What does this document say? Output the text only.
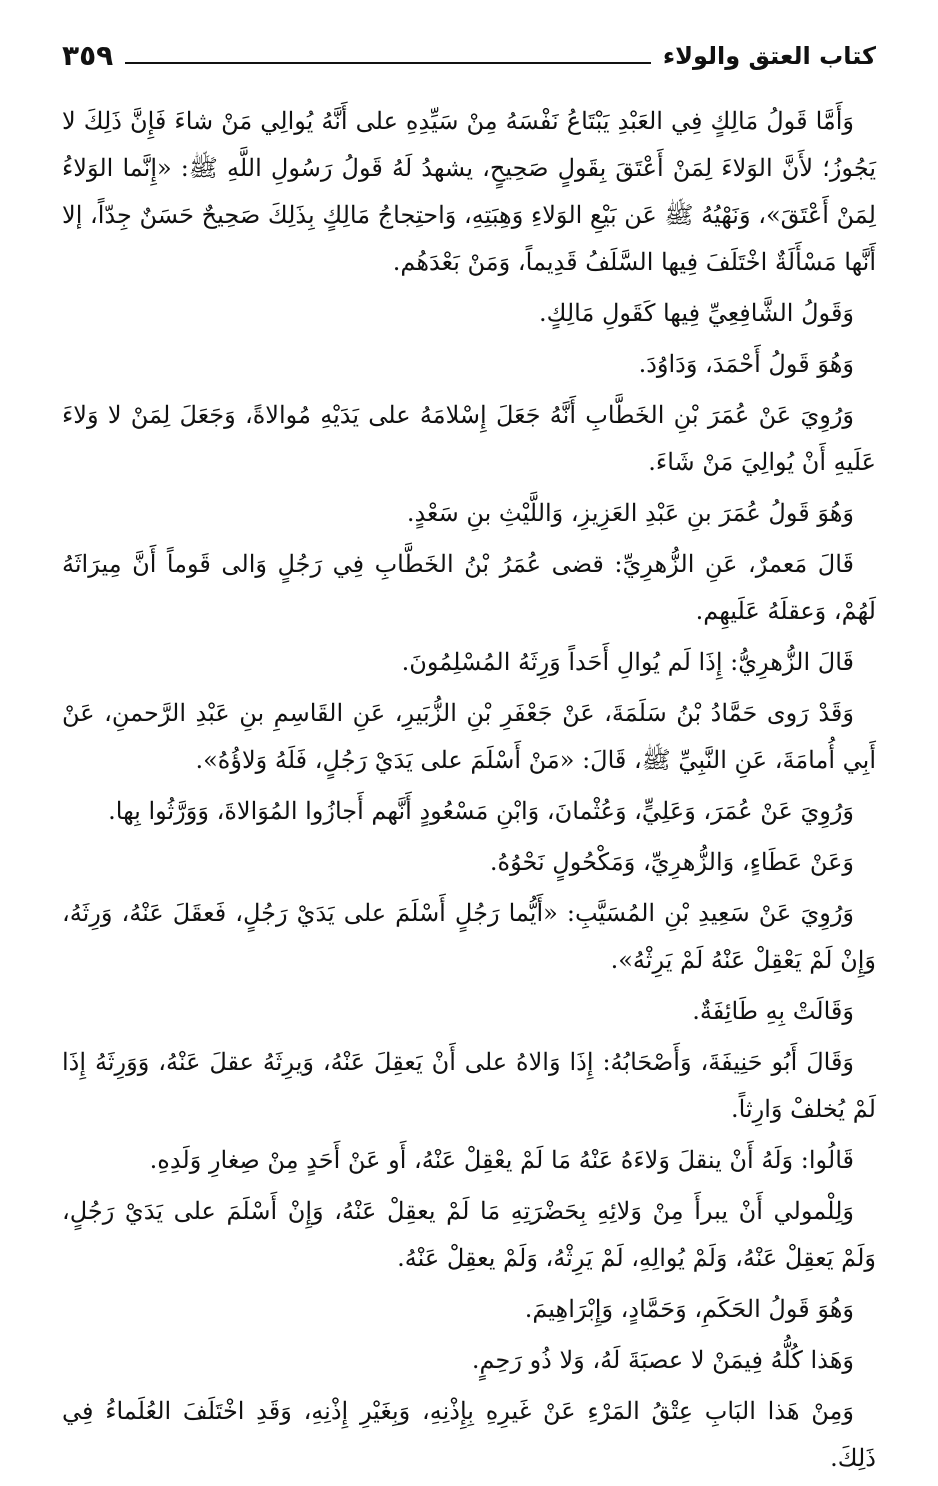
كتاب العتق والولاء
٣٥٩

وَأَمَّا قَولُ مَالِكٍ فِي العَبْدِ يَبْتَاعُ نَفْسَهُ مِنْ سَيِّدِهِ على أَنَّهُ يُوالِي مَنْ شاءَ فَإِنَّ ذَلِكَ لا يَجُوزُ؛ لأَنَّ الوَلاءَ لِمَنْ أَعْتَقَ بِقَولٍ صَحِيحٍ، يشهدُ لَهُ قَولُ رَسُولِ اللَّهِ ﷺ: «إِنَّما الوَلاءُ لِمَنْ أَعْتَقَ»، وَنَهْيُهُ ﷺ عَن بَيْعِ الوَلاءِ وَهِبَتِهِ، وَاحتِجاجُ مَالِكٍ بِذَلِكَ صَحِيحٌ حَسَنٌ جِدّاً، إلا أَنَّها مَسْأَلَةٌ اخْتَلَفَ فِيها السَّلَفُ قَدِيماً، وَمَنْ بَعْدَهُم.

وَقَولُ الشَّافِعِيِّ فِيها كَقَولِ مَالِكٍ.

وَهُوَ قَولُ أَحْمَدَ، وَدَاوُدَ.

وَرُوِيَ عَنْ عُمَرَ بْنِ الخَطَّابِ أَنَّهُ جَعَلَ إِسْلامَهُ على يَدَيْهِ مُوالاةً، وَجَعَلَ لِمَنْ لا وَلاءَ عَلَيهِ أَنْ يُوالِيَ مَنْ شَاءَ.

وَهُوَ قَولُ عُمَرَ بنِ عَبْدِ العَزِيزِ، وَاللَّيْثِ بنِ سَعْدٍ.

قَالَ مَعمرٌ، عَنِ الزُّهرِيِّ: قضى عُمَرُ بْنُ الخَطَّابِ فِي رَجُلٍ وَالى قَوماً أَنَّ مِيرَاثَهُ لَهُمْ، وَعقلَهُ عَلَيهِم.

قَالَ الزُّهرِيُّ: إِذَا لَم يُوالِ أَحَداً وَرِثَهُ المُسْلِمُونَ.

وَقَدْ رَوى حَمَّادُ بْنُ سَلَمَةَ، عَنْ جَعْفَرِ بْنِ الزُّبَيرِ، عَنِ القَاسِمِ بنِ عَبْدِ الرَّحمنِ، عَنْ أَبِي أُمامَةَ، عَنِ النَّبِيِّ ﷺ، قَالَ: «مَنْ أَسْلَمَ على يَدَيْ رَجُلٍ، فَلَهُ وَلاؤُهُ».

وَرُوِيَ عَنْ عُمَرَ، وَعَلِيٍّ، وَعُثْمانَ، وَابْنِ مَسْعُودٍ أَنَّهم أَجازُوا المُوَالاةَ، وَوَرَّثُوا بِها.

وَعَنْ عَطَاءٍ، وَالزُّهرِيِّ، وَمَكْحُولٍ نَحْوُهُ.

وَرُوِيَ عَنْ سَعِيدِ بْنِ المُسَيَّبِ: «أَيُّما رَجُلٍ أَسْلَمَ على يَدَيْ رَجُلٍ، فَعقَلَ عَنْهُ، وَرِثَهُ، وَإِنْ لَمْ يَعْقِلْ عَنْهُ لَمْ يَرِثْهُ».

وَقَالَتْ بِهِ طَائِفَةٌ.

وَقَالَ أَبُو حَنِيفَةَ، وَأَصْحَابُهُ: إِذَا وَالاهُ على أَنْ يَعقِلَ عَنْهُ، وَيرِثَهُ عقلَ عَنْهُ، وَوَرِثَهُ إِذَا لَمْ يُخلفْ وَارِثاً.

قَالُوا: وَلَهُ أَنْ ينقلَ وَلاءَهُ عَنْهُ مَا لَمْ يعْقِلْ عَنْهُ، أَو عَنْ أَحَدٍ مِنْ صِغارِ وَلَدِهِ.

وَلِلْمولي أَنْ يبرأَ مِنْ وَلائِهِ بِحَضْرَتِهِ مَا لَمْ يعقِلْ عَنْهُ، وَإِنْ أَسْلَمَ على يَدَيْ رَجُلٍ، وَلَمْ يَعقِلْ عَنْهُ، وَلَمْ يُوالِهِ، لَمْ يَرِثْهُ، وَلَمْ يعقِلْ عَنْهُ.

وَهُوَ قَولُ الحَكَمِ، وَحَمَّادٍ، وَإِبْرَاهِيمَ.

وَهَذا كُلُّهُ فِيمَنْ لا عصبَةَ لَهُ، وَلا ذُو رَحِمٍ.

وَمِنْ هَذا البَابِ عِتْقُ المَرْءِ عَنْ غَيرِهِ بِإِذْنِهِ، وَبِغَيْرِ إِذْنِهِ، وَقَدِ اخْتَلَفَ العُلَماءُ فِي ذَلِكَ.
